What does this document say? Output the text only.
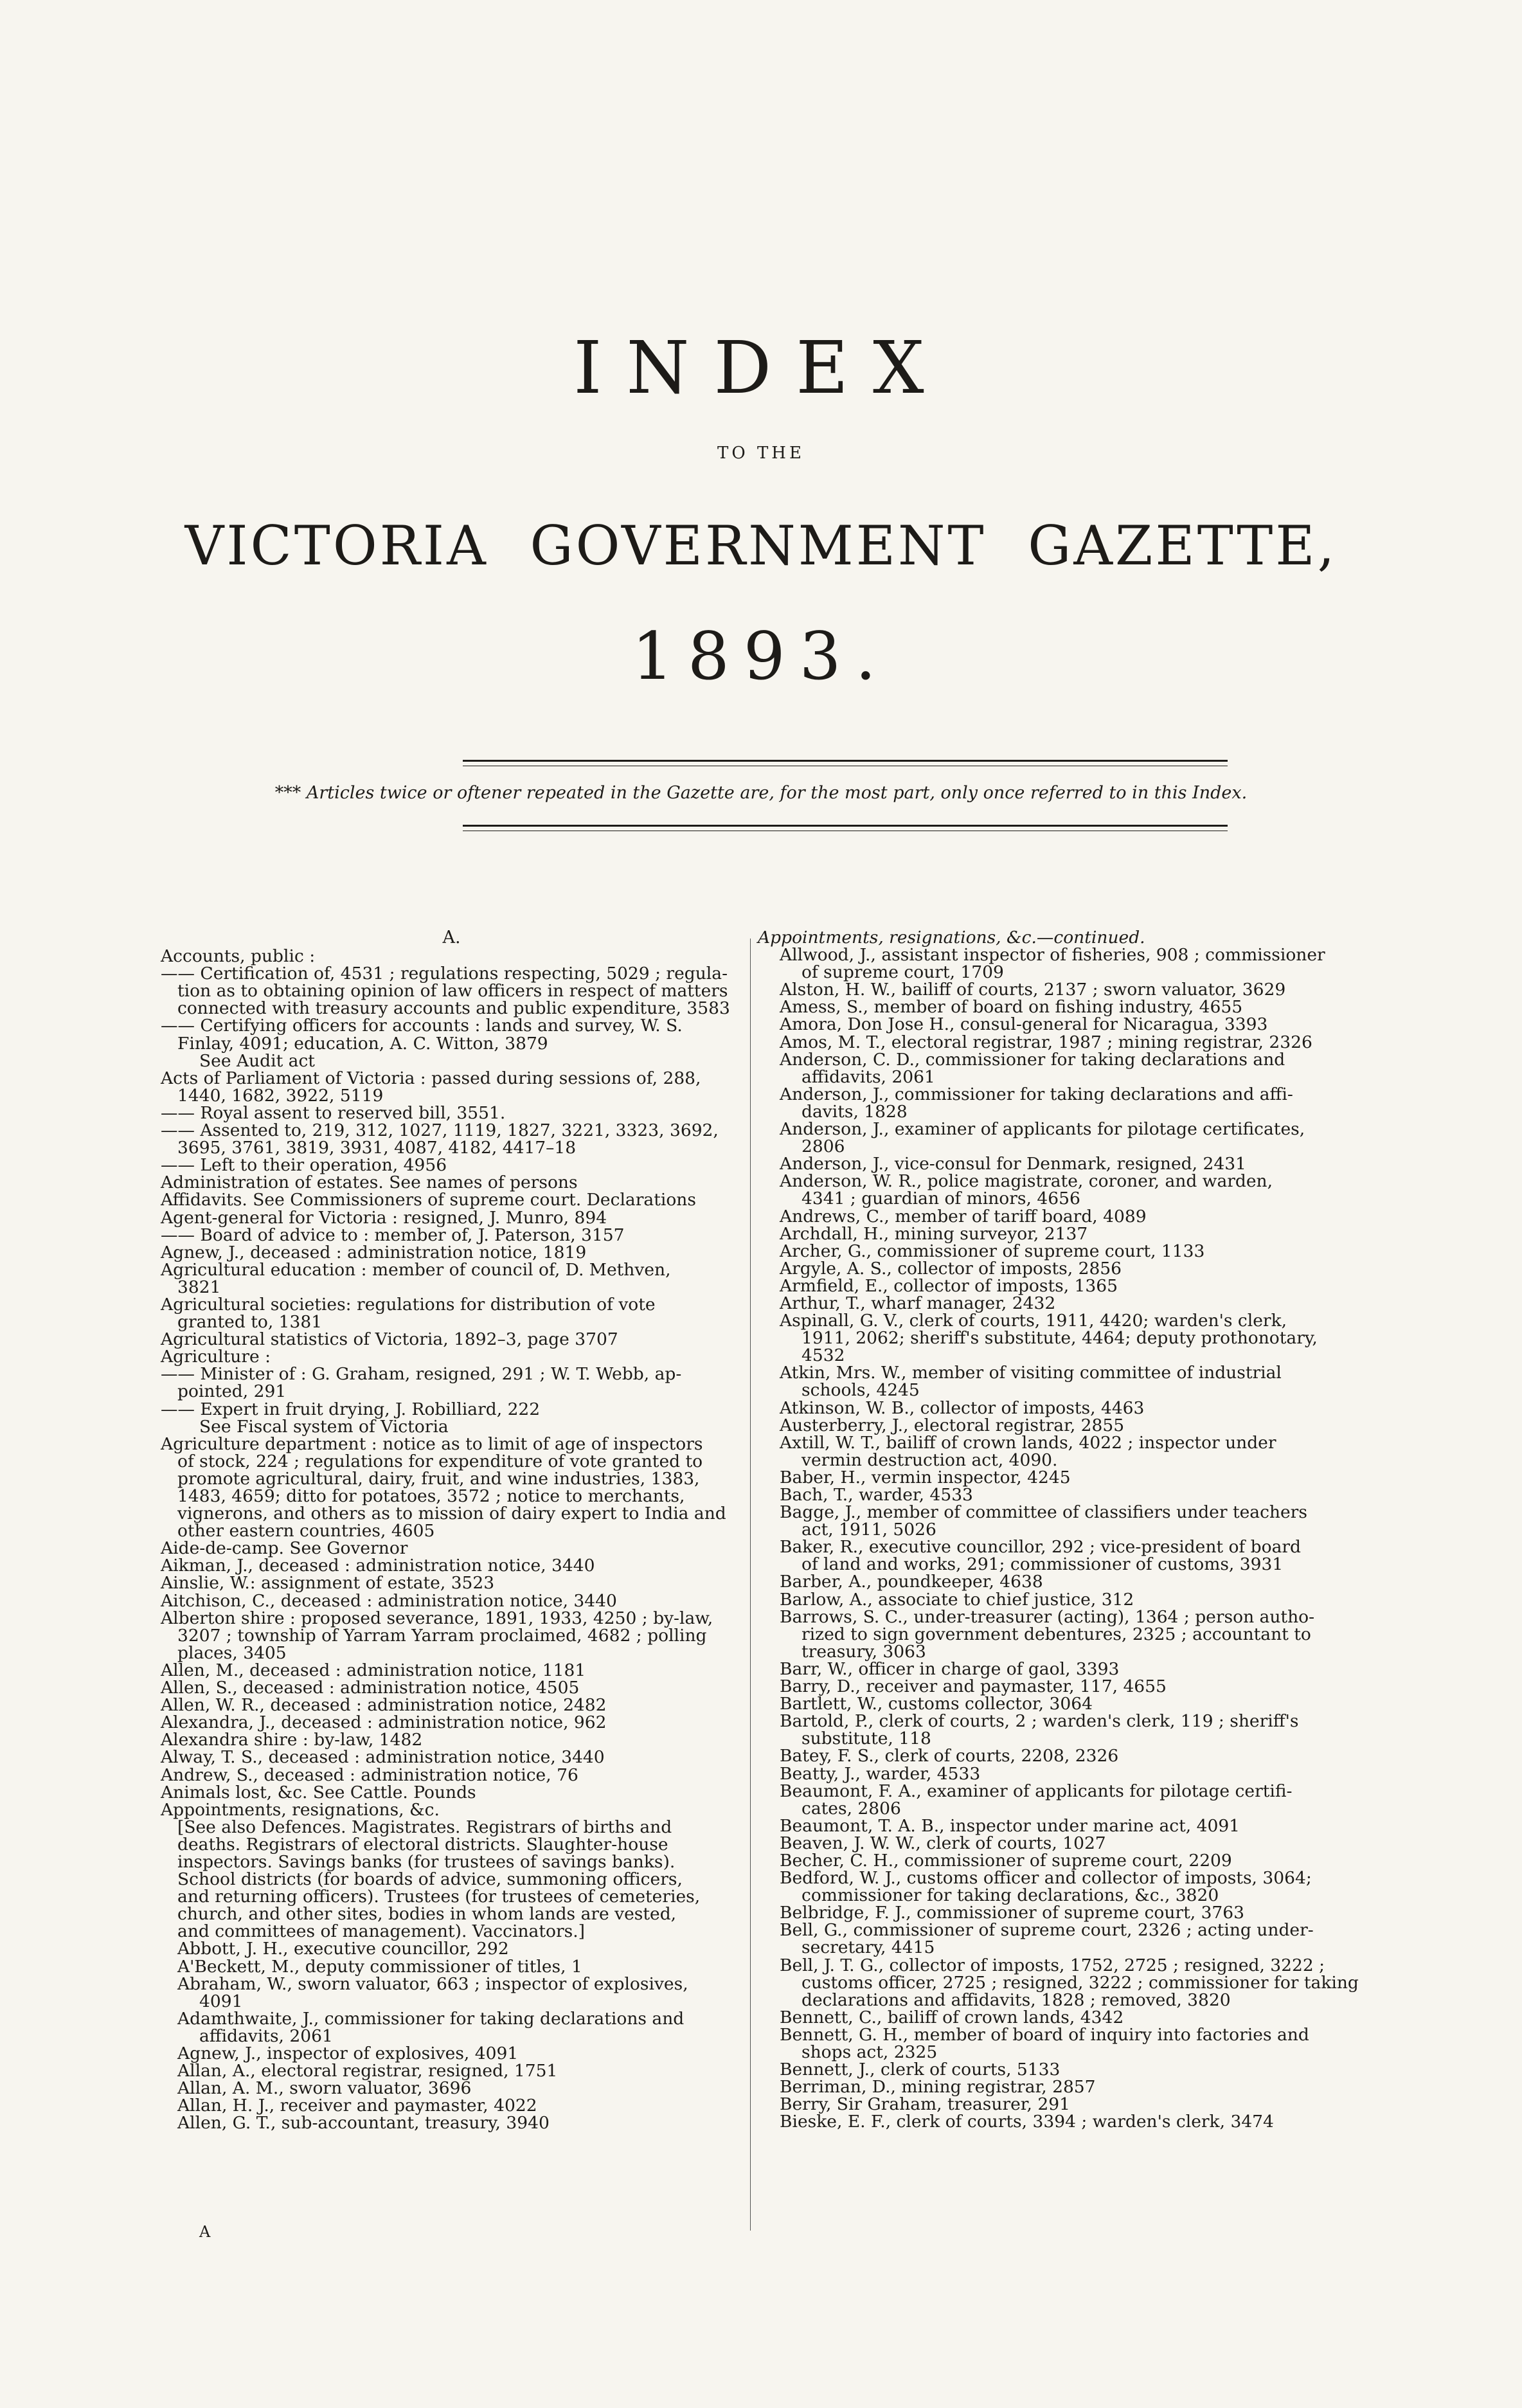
INDEX
TO THE
VICTORIA GOVERNMENT GAZETTE,
1893.
*** Articles twice or oftener repeated in the Gazette are, for the most part, only once referred to in this Index.
A.
Accounts, public :
—— Certification of, 4531 ; regulations respecting, 5029 ; regula-
tion as to obtaining opinion of law officers in respect of matters
connected with treasury accounts and public expenditure, 3583
—— Certifying officers for accounts : lands and survey, W. S.
Finlay, 4091; education, A. C. Witton, 3879
See Audit act
Acts of Parliament of Victoria : passed during sessions of, 288,
1440, 1682, 3922, 5119
—— Royal assent to reserved bill, 3551.
—— Assented to, 219, 312, 1027, 1119, 1827, 3221, 3323, 3692,
3695, 3761, 3819, 3931, 4087, 4182, 4417–18
—— Left to their operation, 4956
Administration of estates. See names of persons
Affidavits. See Commissioners of supreme court. Declarations
Agent-general for Victoria : resigned, J. Munro, 894
—— Board of advice to : member of, J. Paterson, 3157
Agnew, J., deceased : administration notice, 1819
Agricultural education : member of council of, D. Methven,
3821
Agricultural societies: regulations for distribution of vote
granted to, 1381
Agricultural statistics of Victoria, 1892–3, page 3707
Agriculture :
—— Minister of : G. Graham, resigned, 291 ; W. T. Webb, ap-
pointed, 291
—— Expert in fruit drying, J. Robilliard, 222
See Fiscal system of Victoria
Agriculture department : notice as to limit of age of inspectors
of stock, 224 ; regulations for expenditure of vote granted to
promote agricultural, dairy, fruit, and wine industries, 1383,
1483, 4659; ditto for potatoes, 3572 ; notice to merchants,
vignerons, and others as to mission of dairy expert to India and
other eastern countries, 4605
Aide-de-camp. See Governor
Aikman, J., deceased : administration notice, 3440
Ainslie, W.: assignment of estate, 3523
Aitchison, C., deceased : administration notice, 3440
Alberton shire : proposed severance, 1891, 1933, 4250 ; by-law,
3207 ; township of Yarram Yarram proclaimed, 4682 ; polling
places, 3405
Allen, M., deceased : administration notice, 1181
Allen, S., deceased : administration notice, 4505
Allen, W. R., deceased : administration notice, 2482
Alexandra, J., deceased : administration notice, 962
Alexandra shire : by-law, 1482
Alway, T. S., deceased : administration notice, 3440
Andrew, S., deceased : administration notice, 76
Animals lost, &c. See Cattle. Pounds
Appointments, resignations, &c.
[See also Defences. Magistrates. Registrars of births and
deaths. Registrars of electoral districts. Slaughter-house
inspectors. Savings banks (for trustees of savings banks).
School districts (for boards of advice, summoning officers,
and returning officers). Trustees (for trustees of cemeteries,
church, and other sites, bodies in whom lands are vested,
and committees of management). Vaccinators.]
Abbott, J. H., executive councillor, 292
A'Beckett, M., deputy commissioner of titles, 1
Abraham, W., sworn valuator, 663 ; inspector of explosives,
4091
Adamthwaite, J., commissioner for taking declarations and
affidavits, 2061
Agnew, J., inspector of explosives, 4091
Allan, A., electoral registrar, resigned, 1751
Allan, A. M., sworn valuator, 3696
Allan, H. J., receiver and paymaster, 4022
Allen, G. T., sub-accountant, treasury, 3940
Appointments, resignations, &c.—continued.
Allwood, J., assistant inspector of fisheries, 908 ; commissioner
of supreme court, 1709
Alston, H. W., bailiff of courts, 2137 ; sworn valuator, 3629
Amess, S., member of board on fishing industry, 4655
Amora, Don Jose H., consul-general for Nicaragua, 3393
Amos, M. T., electoral registrar, 1987 ; mining registrar, 2326
Anderson, C. D., commissioner for taking declarations and
affidavits, 2061
Anderson, J., commissioner for taking declarations and affi-
davits, 1828
Anderson, J., examiner of applicants for pilotage certificates,
2806
Anderson, J., vice-consul for Denmark, resigned, 2431
Anderson, W. R., police magistrate, coroner, and warden,
4341 ; guardian of minors, 4656
Andrews, C., member of tariff board, 4089
Archdall, H., mining surveyor, 2137
Archer, G., commissioner of supreme court, 1133
Argyle, A. S., collector of imposts, 2856
Armfield, E., collector of imposts, 1365
Arthur, T., wharf manager, 2432
Aspinall, G. V., clerk of courts, 1911, 4420; warden's clerk,
1911, 2062; sheriff's substitute, 4464; deputy prothonotary,
4532
Atkin, Mrs. W., member of visiting committee of industrial
schools, 4245
Atkinson, W. B., collector of imposts, 4463
Austerberry, J., electoral registrar, 2855
Axtill, W. T., bailiff of crown lands, 4022 ; inspector under
vermin destruction act, 4090.
Baber, H., vermin inspector, 4245
Bach, T., warder, 4533
Bagge, J., member of committee of classifiers under teachers
act, 1911, 5026
Baker, R., executive councillor, 292 ; vice-president of board
of land and works, 291; commissioner of customs, 3931
Barber, A., poundkeeper, 4638
Barlow, A., associate to chief justice, 312
Barrows, S. C., under-treasurer (acting), 1364 ; person autho-
rized to sign government debentures, 2325 ; accountant to
treasury, 3063
Barr, W., officer in charge of gaol, 3393
Barry, D., receiver and paymaster, 117, 4655
Bartlett, W., customs collector, 3064
Bartold, P., clerk of courts, 2 ; warden's clerk, 119 ; sheriff's
substitute, 118
Batey, F. S., clerk of courts, 2208, 2326
Beatty, J., warder, 4533
Beaumont, F. A., examiner of applicants for pilotage certifi-
cates, 2806
Beaumont, T. A. B., inspector under marine act, 4091
Beaven, J. W. W., clerk of courts, 1027
Becher, C. H., commissioner of supreme court, 2209
Bedford, W. J., customs officer and collector of imposts, 3064;
commissioner for taking declarations, &c., 3820
Belbridge, F. J., commissioner of supreme court, 3763
Bell, G., commissioner of supreme court, 2326 ; acting under-
secretary, 4415
Bell, J. T. G., collector of imposts, 1752, 2725 ; resigned, 3222 ;
customs officer, 2725 ; resigned, 3222 ; commissioner for taking
declarations and affidavits, 1828 ; removed, 3820
Bennett, C., bailiff of crown lands, 4342
Bennett, G. H., member of board of inquiry into factories and
shops act, 2325
Bennett, J., clerk of courts, 5133
Berriman, D., mining registrar, 2857
Berry, Sir Graham, treasurer, 291
Bieske, E. F., clerk of courts, 3394 ; warden's clerk, 3474
A
